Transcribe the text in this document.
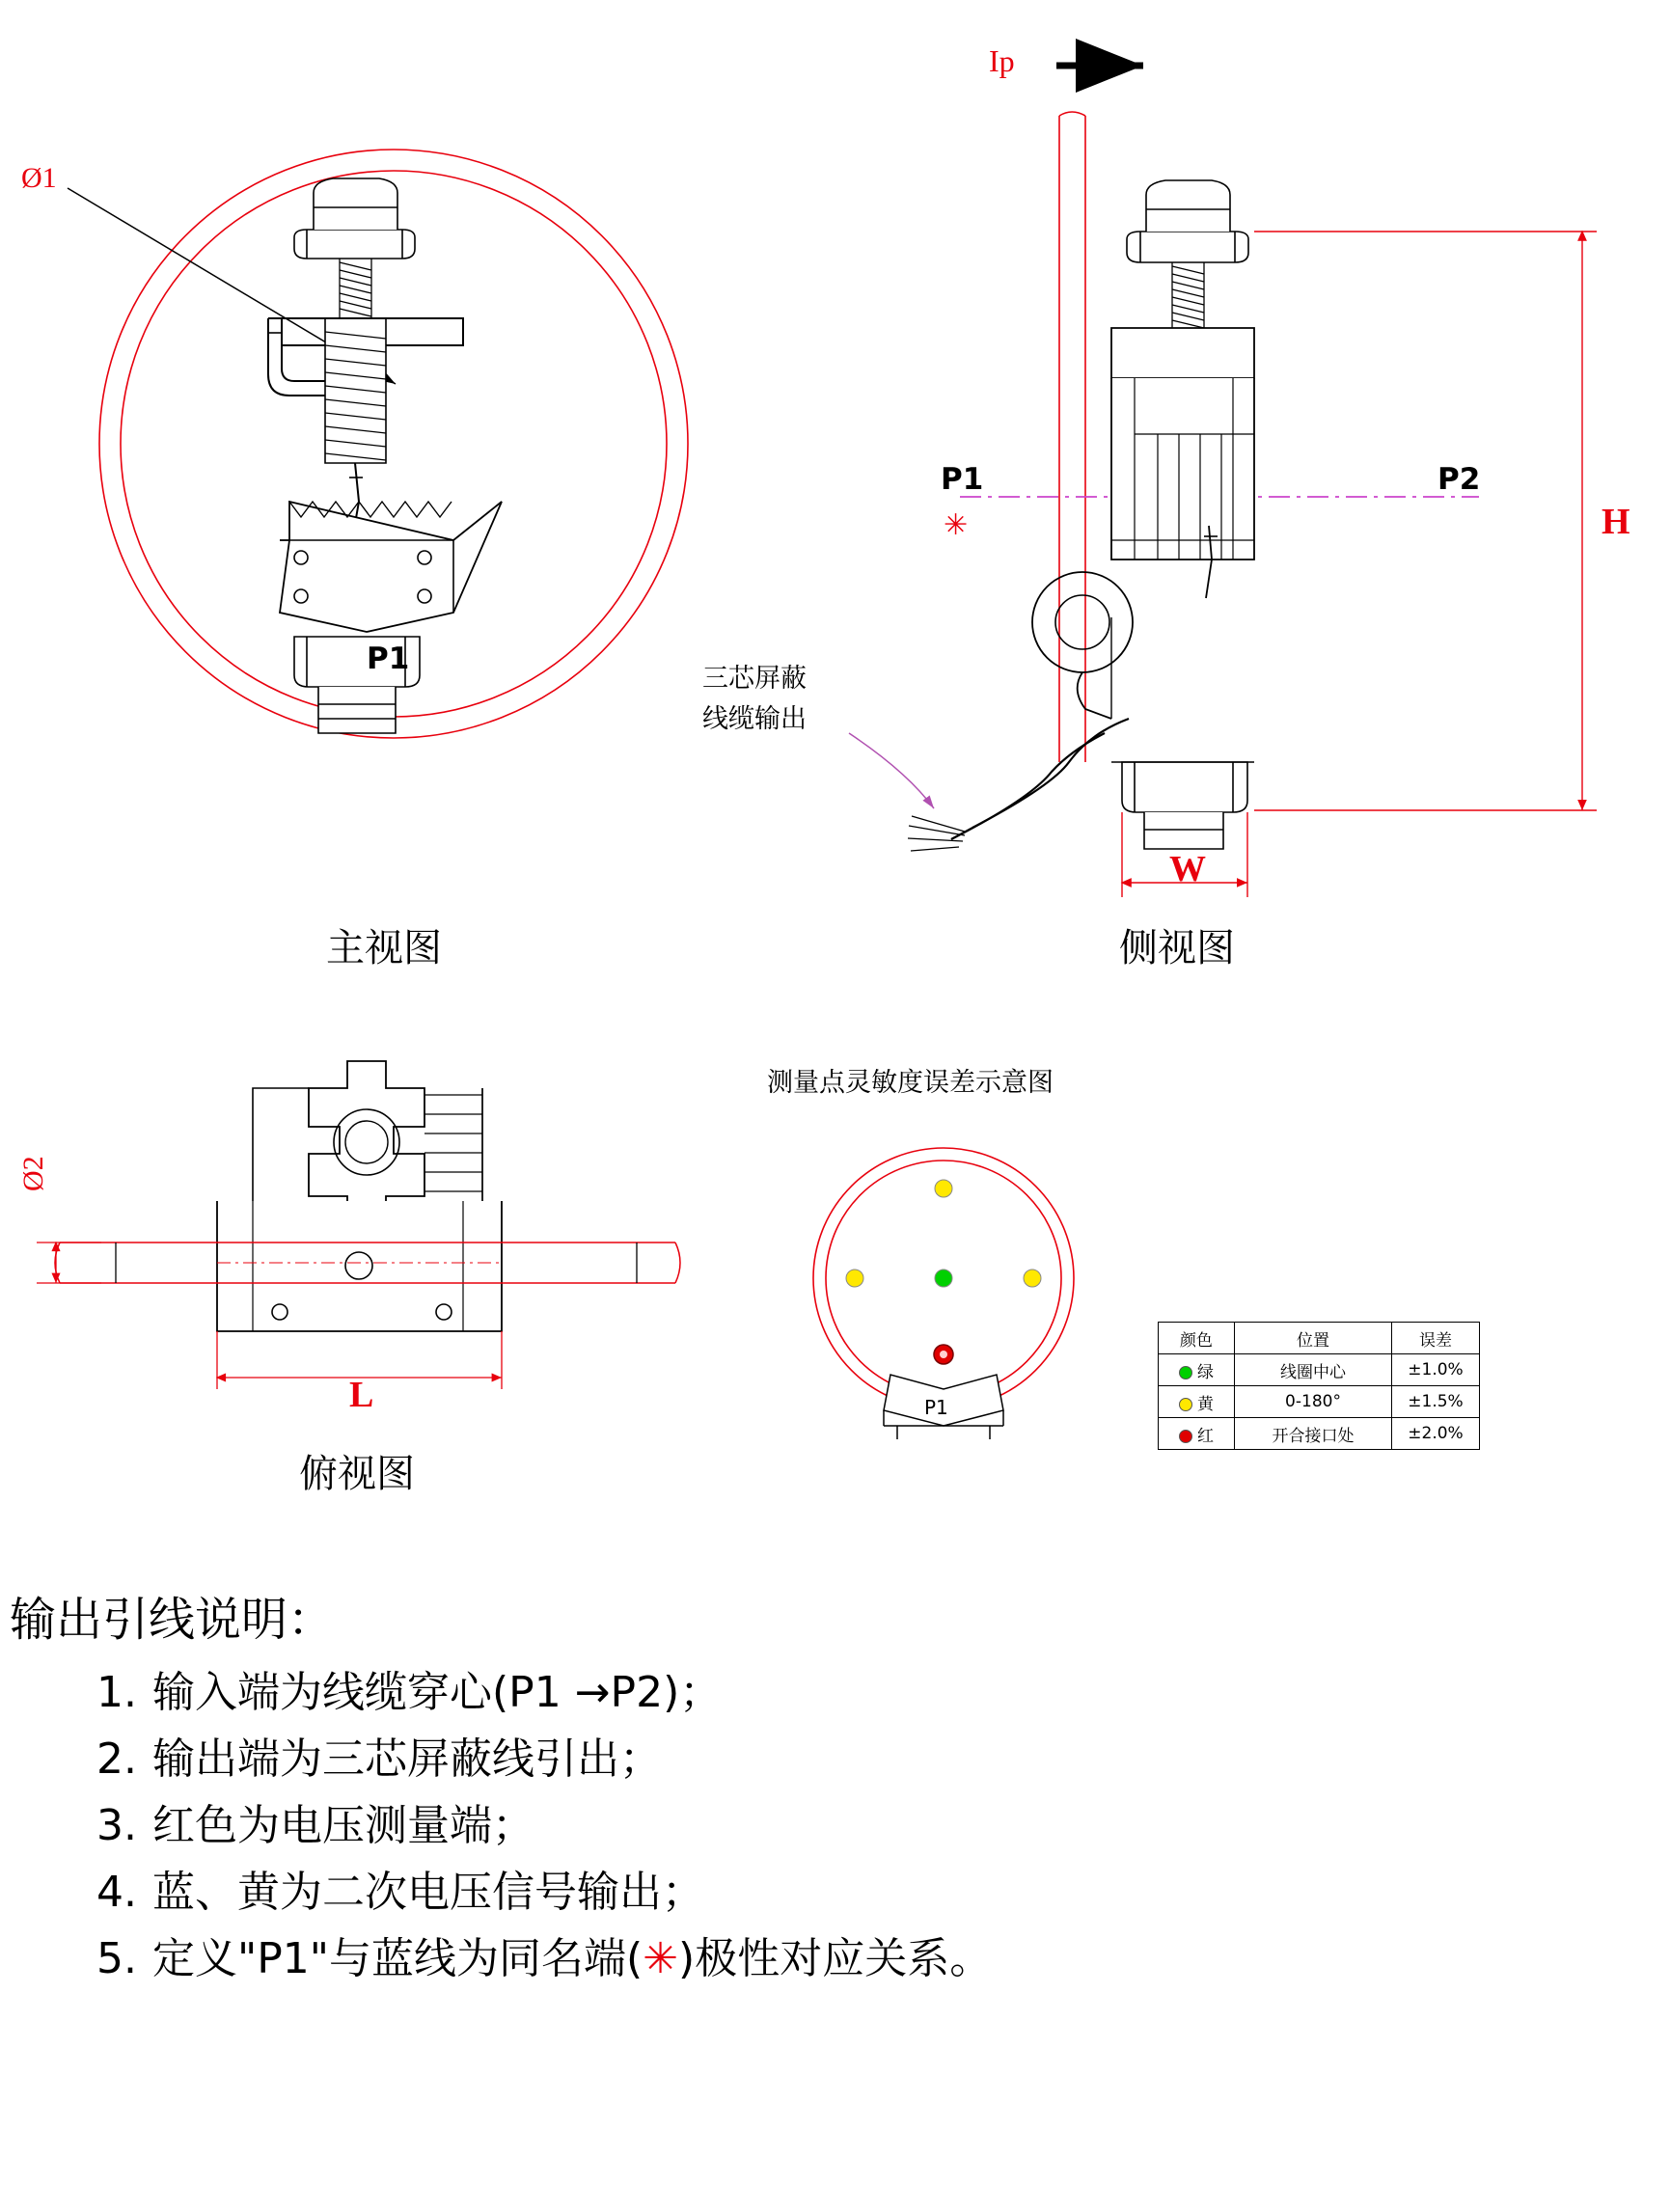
Ø1
P1
主视图
Ip
P1	P2
✳	H
W
三芯屏蔽
线缆输出
侧视图
Ø2
L
俯视图
测量点灵敏度误差示意图
P1
颜色	位置	误差
绿	线圈中心	±1.0%
黄	0-180°	±1.5%
红	开合接口处	±2.0%
输出引线说明：
1. 输入端为线缆穿心(P1 →P2)；
2. 输出端为三芯屏蔽线引出；
3. 红色为电压测量端；
4. 蓝、黄为二次电压信号输出；
5. 定义"P1"与蓝线为同名端(✳)极性对应关系。
